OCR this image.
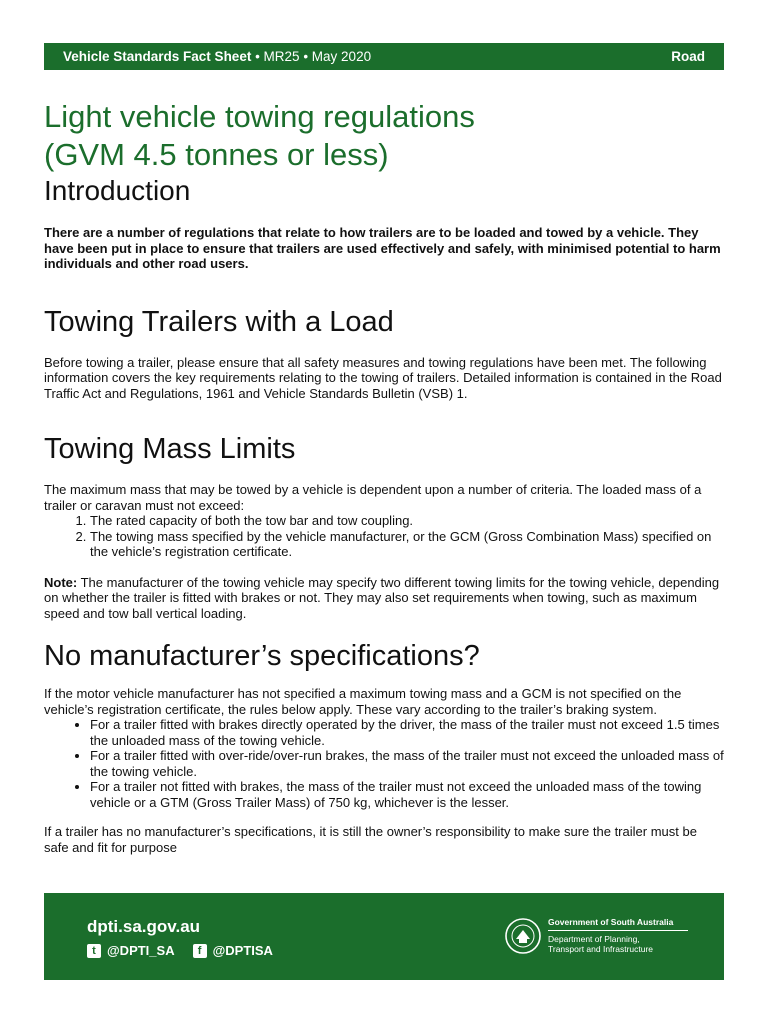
Vehicle Standards Fact Sheet • MR25 • May 2020	Road
Light vehicle towing regulations
(GVM 4.5 tonnes or less)
Introduction

There are a number of regulations that relate to how trailers are to be loaded and towed by a vehicle. They have been put in place to ensure that trailers are used effectively and safely, with minimised potential to harm individuals and other road users.

Towing Trailers with a Load

Before towing a trailer, please ensure that all safety measures and towing regulations have been met. The following information covers the key requirements relating to the towing of trailers. Detailed information is contained in the Road Traffic Act and Regulations, 1961 and Vehicle Standards Bulletin (VSB) 1.

Towing Mass Limits

The maximum mass that may be towed by a vehicle is dependent upon a number of criteria. The loaded mass of a trailer or caravan must not exceed:

1. The rated capacity of both the tow bar and tow coupling.
2. The towing mass specified by the vehicle manufacturer, or the GCM (Gross Combination Mass) specified on the vehicle’s registration certificate.

Note: The manufacturer of the towing vehicle may specify two different towing limits for the towing vehicle, depending on whether the trailer is fitted with brakes or not. They may also set requirements when towing, such as maximum speed and tow ball vertical loading.

No manufacturer’s specifications?

If the motor vehicle manufacturer has not specified a maximum towing mass and a GCM is not specified on the vehicle’s registration certificate, the rules below apply. These vary according to the trailer’s braking system.

• For a trailer fitted with brakes directly operated by the driver, the mass of the trailer must not exceed 1.5 times the unloaded mass of the towing vehicle.
• For a trailer fitted with over-ride/over-run brakes, the mass of the trailer must not exceed the unloaded mass of the towing vehicle.
• For a trailer not fitted with brakes, the mass of the trailer must not exceed the unloaded mass of the towing vehicle or a GTM (Gross Trailer Mass) of 750 kg, whichever is the lesser.

If a trailer has no manufacturer’s specifications, it is still the owner’s responsibility to make sure the trailer must be safe and fit for purpose

dpti.sa.gov.au
t @DPTI_SA	f @DPTISA
Government of South Australia
Department of Planning,
Transport and Infrastructure
